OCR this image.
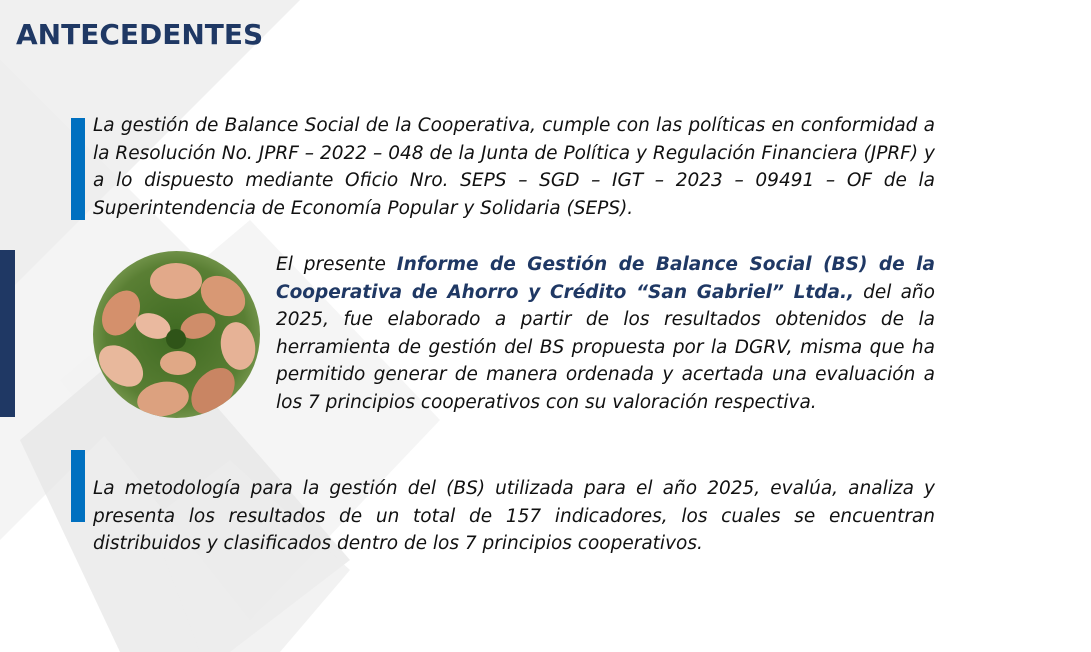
ANTECEDENTES

La gestión de Balance Social de la Cooperativa, cumple con las políticas en conformidad a la Resolución No. JPRF – 2022 – 048 de la Junta de Política y Regulación Financiera (JPRF) y a lo dispuesto mediante Oficio Nro. SEPS – SGD – IGT – 2023 – 09491 – OF de la Superintendencia de Economía Popular y Solidaria (SEPS).

El presente Informe de Gestión de Balance Social (BS) de la Cooperativa de Ahorro y Crédito “San Gabriel” Ltda., del año 2025, fue elaborado a partir de los resultados obtenidos de la herramienta de gestión del BS propuesta por la DGRV, misma que ha permitido generar de manera ordenada y acertada una evaluación a los 7 principios cooperativos con su valoración respectiva.

La metodología para la gestión del (BS) utilizada para el año 2025, evalúa, analiza y presenta los resultados de un total de 157 indicadores, los cuales se encuentran distribuidos y clasificados dentro de los 7 principios cooperativos.
